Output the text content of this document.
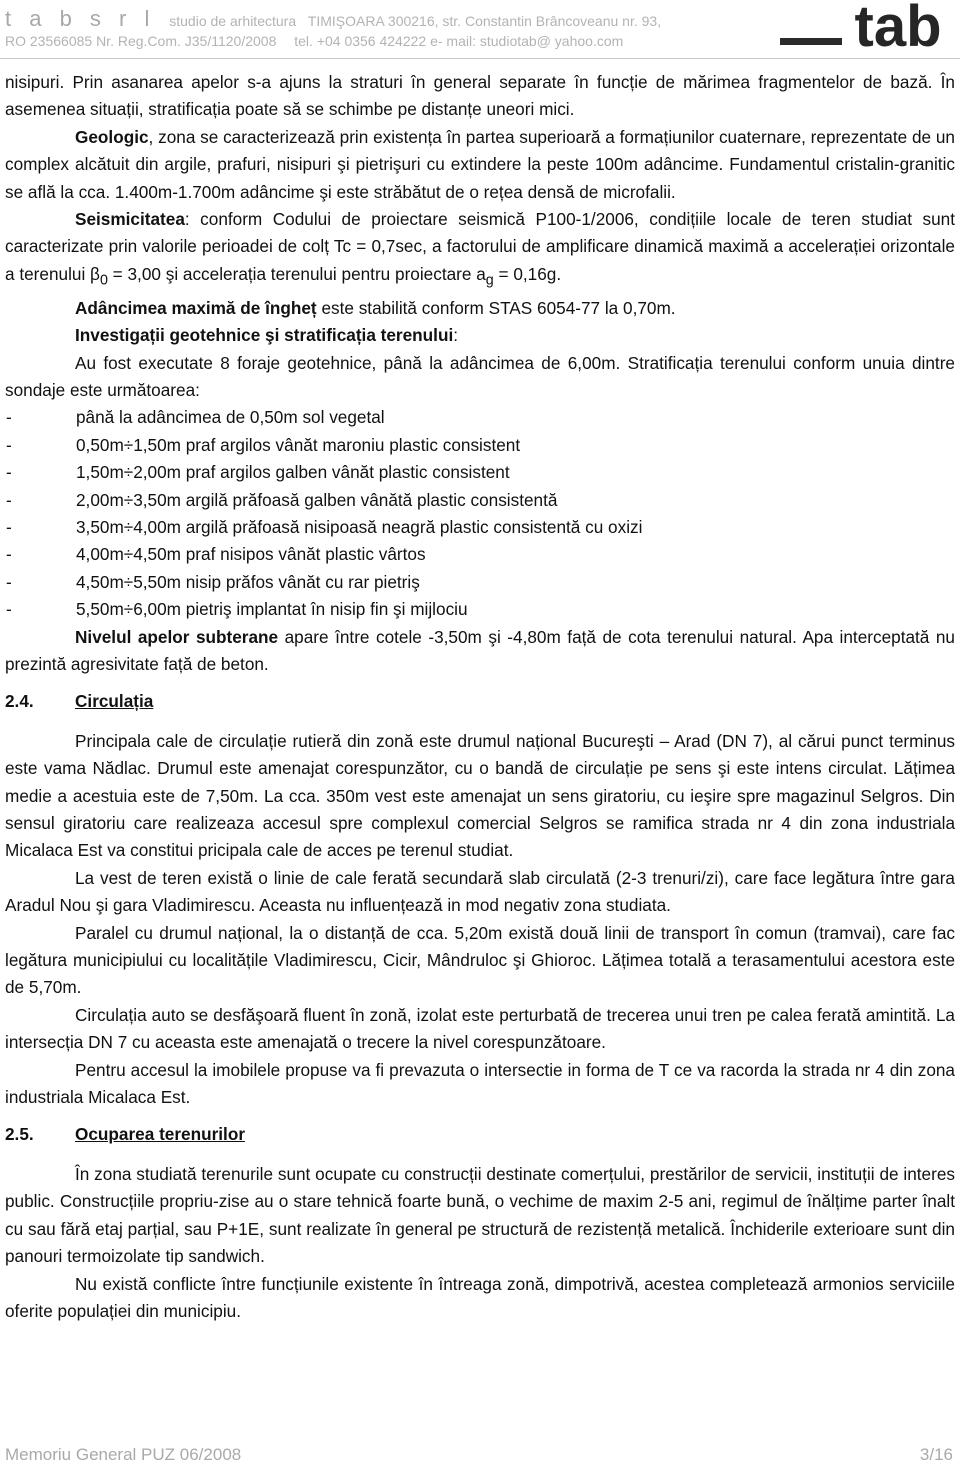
t a b s r l studio de arhitectura TIMIŞOARA 300216, str. Constantin Brâncoveanu nr. 93,
RO 23566085 Nr. Reg.Com. J35/1120/2008 tel. +04 0356 424222 e- mail: studiotab@ yahoo.com	tab

nisipuri. Prin asanarea apelor s-a ajuns la straturi în general separate în funcție de mărimea fragmentelor de bază. În asemenea situații, stratificația poate să se schimbe pe distanțe uneori mici.

Geologic, zona se caracterizează prin existența în partea superioară a formațiunilor cuaternare, reprezentate de un complex alcătuit din argile, prafuri, nisipuri şi pietrişuri cu extindere la peste 100m adâncime. Fundamentul cristalin-granitic se află la cca. 1.400m-1.700m adâncime şi este străbătut de o rețea densă de microfalii.

Seismicitatea: conform Codului de proiectare seismică P100-1/2006, condițiile locale de teren studiat sunt caracterizate prin valorile perioadei de colț Tc = 0,7sec, a factorului de amplificare dinamică maximă a accelerației orizontale a terenului $\beta_0 = 3,00$ şi accelerația terenului pentru proiectare $a_g = 0,16g$.

Adâncimea maximă de îngheț este stabilită conform STAS 6054-77 la 0,70m.

Investigații geotehnice şi stratificația terenului:

Au fost executate 8 foraje geotehnice, până la adâncimea de 6,00m. Stratificația terenului conform unuia dintre sondaje este următoarea:

-	până la adâncimea de 0,50m sol vegetal
-	0,50m÷1,50m praf argilos vânăt maroniu plastic consistent
-	1,50m÷2,00m praf argilos galben vânăt plastic consistent
-	2,00m÷3,50m argilă prăfoasă galben vânătă plastic consistentă
-	3,50m÷4,00m argilă prăfoasă nisipoasă neagră plastic consistentă cu oxizi
-	4,00m÷4,50m praf nisipos vânăt plastic vârtos
-	4,50m÷5,50m nisip prăfos vânăt cu rar pietriş
-	5,50m÷6,00m pietriş implantat în nisip fin şi mijlociu

Nivelul apelor subterane apare între cotele -3,50m şi -4,80m față de cota terenului natural. Apa interceptată nu prezintă agresivitate față de beton.

2.4.	Circulația

Principala cale de circulație rutieră din zonă este drumul național Bucureşti – Arad (DN 7), al cărui punct terminus este vama Nădlac. Drumul este amenajat corespunzător, cu o bandă de circulație pe sens şi este intens circulat. Lățimea medie a acestuia este de 7,50m. La cca. 350m vest este amenajat un sens giratoriu, cu ieşire spre magazinul Selgros. Din sensul giratoriu care realizeaza accesul spre complexul comercial Selgros se ramifica strada nr 4 din zona industriala Micalaca Est va constitui pricipala cale de acces pe terenul studiat.

La vest de teren există o linie de cale ferată secundară slab circulată (2-3 trenuri/zi), care face legătura între gara Aradul Nou şi gara Vladimirescu. Aceasta nu influențează in mod negativ zona studiata.

Paralel cu drumul național, la o distanță de cca. 5,20m există două linii de transport în comun (tramvai), care fac legătura municipiului cu localitățile Vladimirescu, Cicir, Mândruloc şi Ghioroc. Lățimea totală a terasamentului acestora este de 5,70m.

Circulația auto se desfăşoară fluent în zonă, izolat este perturbată de trecerea unui tren pe calea ferată amintită. La intersecția DN 7 cu aceasta este amenajată o trecere la nivel corespunzătoare.

Pentru accesul la imobilele propuse va fi prevazuta o intersectie in forma de T ce va racorda la strada nr 4 din zona industriala Micalaca Est.

2.5.	Ocuparea terenurilor

În zona studiată terenurile sunt ocupate cu construcții destinate comerțului, prestărilor de servicii, instituții de interes public. Construcțiile propriu-zise au o stare tehnică foarte bună, o vechime de maxim 2-5 ani, regimul de înălțime parter înalt cu sau fără etaj parțial, sau P+1E, sunt realizate în general pe structură de rezistență metalică. Închiderile exterioare sunt din panouri termoizolate tip sandwich.

Nu există conflicte între funcțiunile existente în întreaga zonă, dimpotrivă, acestea completează armonios serviciile oferite populației din municipiu.

Memoriu General PUZ 06/2008	3/16
